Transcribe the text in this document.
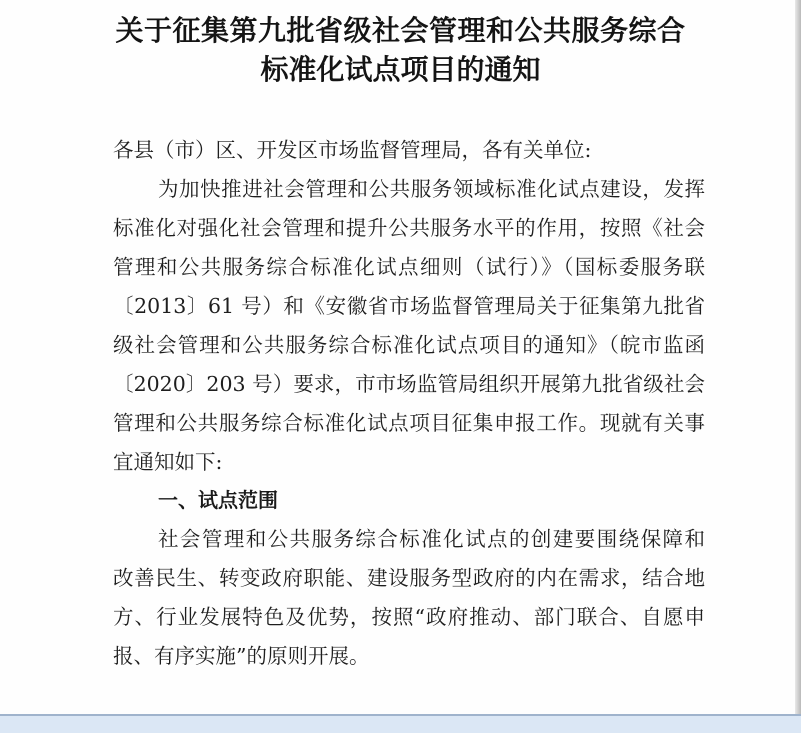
关于征集第九批省级社会管理和公共服务综合
标准化试点项目的通知
各县（市）区、开发区市场监督管理局，各有关单位:
为加快推进社会管理和公共服务领域标准化试点建设，发挥
标准化对强化社会管理和提升公共服务水平的作用，按照《社会
管理和公共服务综合标准化试点细则（试行）》（国标委服务联
〔2013〕61 号）和《安徽省市场监督管理局关于征集第九批省
级社会管理和公共服务综合标准化试点项目的通知》（皖市监函
〔2020〕203 号）要求，市市场监管局组织开展第九批省级社会
管理和公共服务综合标准化试点项目征集申报工作。现就有关事
宜通知如下:
一、试点范围
社会管理和公共服务综合标准化试点的创建要围绕保障和
改善民生、转变政府职能、建设服务型政府的内在需求，结合地
方、行业发展特色及优势，按照“政府推动、部门联合、自愿申
报、有序实施”的原则开展。
